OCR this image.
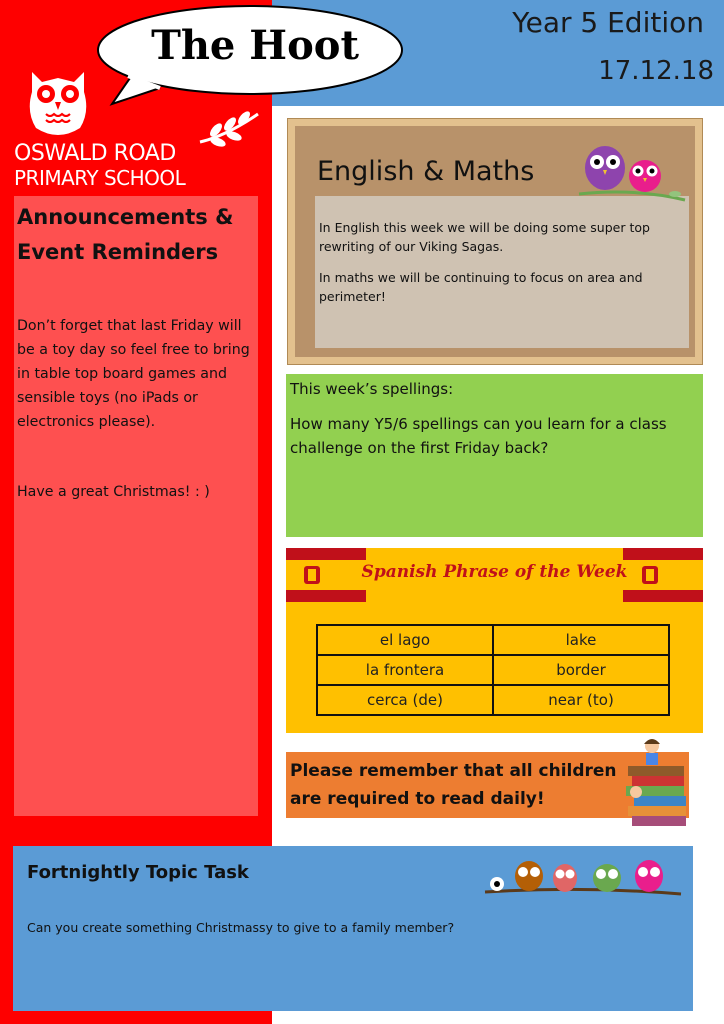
The Hoot	Year 5 Edition
17.12.18
OSWALD ROAD
PRIMARY SCHOOL
Announcements & Event Reminders
Don’t forget that last Friday will be a toy day so feel free to bring in table top board games and sensible toys (no iPads or electronics please).
Have a great Christmas! : )
English & Maths
In English this week we will be doing some super top rewriting of our Viking Sagas.
In maths we will be continuing to focus on area and perimeter!
This week’s spellings:
How many Y5/6 spellings can you learn for a class challenge on the first Friday back?
Spanish Phrase of the Week
el lago	lake
la frontera	border
cerca (de)	near (to)
Please remember that all children are required to read daily!
Fortnightly Topic Task
Can you create something Christmassy to give to a family member?
